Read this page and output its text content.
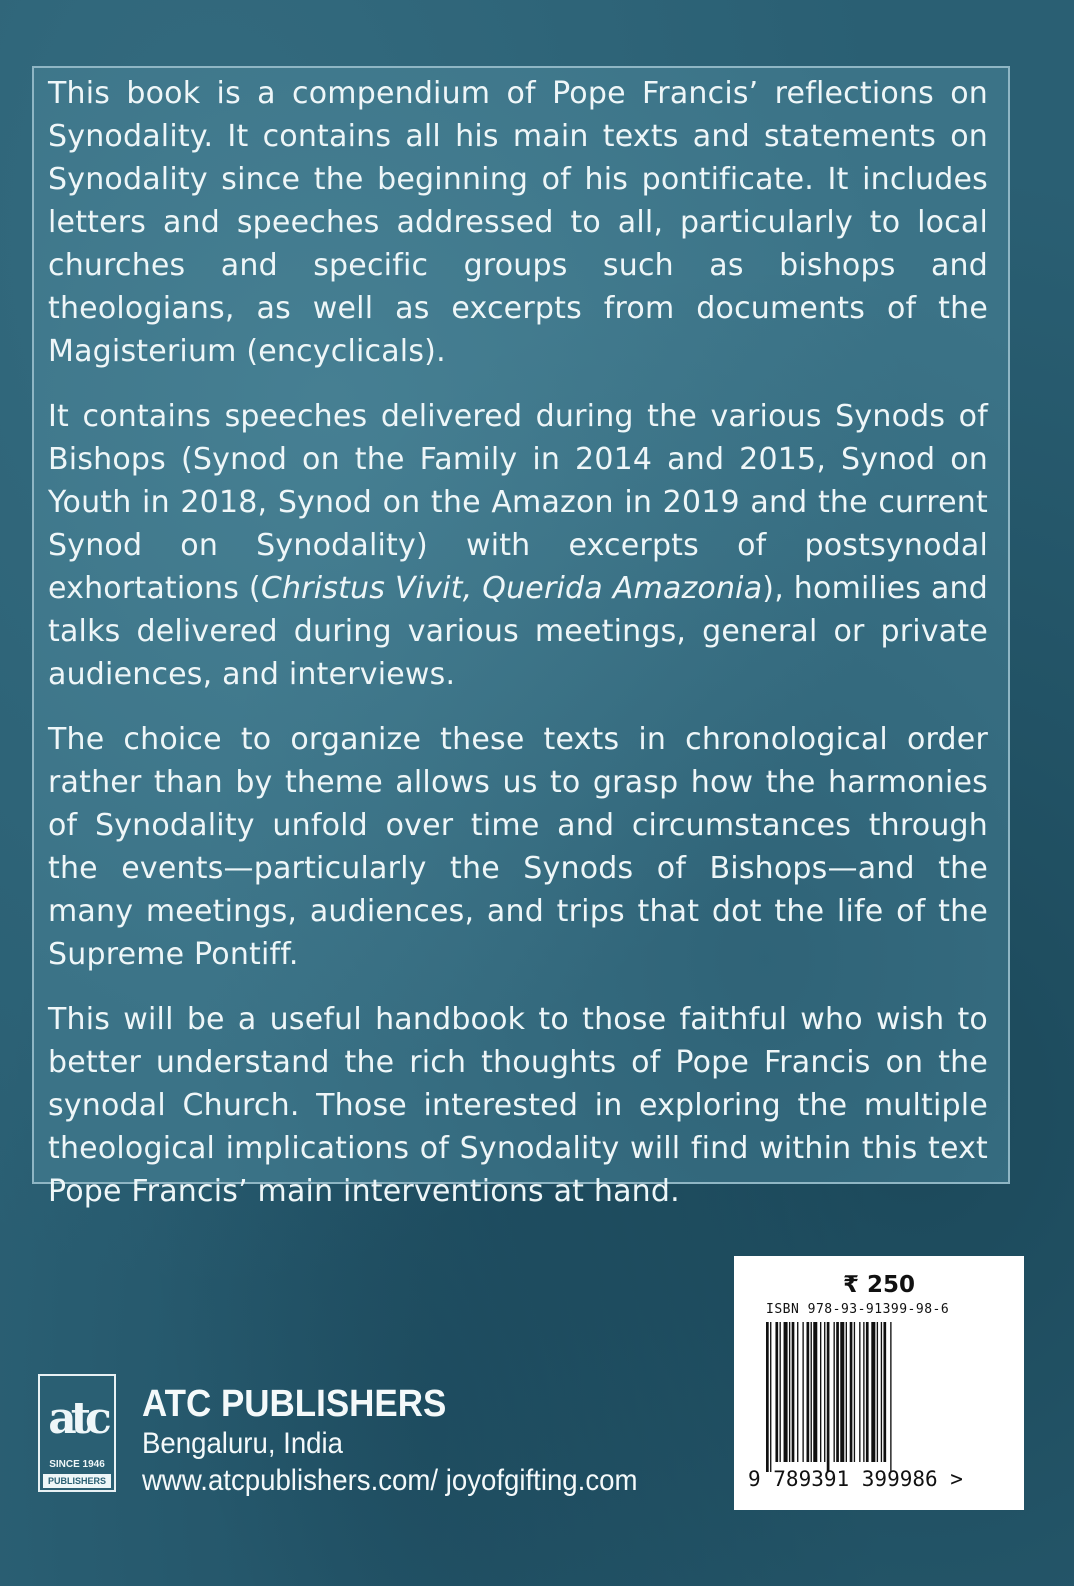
This book is a compendium of Pope Francis’ reflections on Synodality. It contains all his main texts and statements on Synodality since the beginning of his pontificate. It includes letters and speeches addressed to all, particularly to local churches and specific groups such as bishops and theologians, as well as excerpts from documents of the Magisterium (encyclicals).

It contains speeches delivered during the various Synods of Bishops (Synod on the Family in 2014 and 2015, Synod on Youth in 2018, Synod on the Amazon in 2019 and the current Synod on Synodality) with excerpts of postsynodal exhortations (Christus Vivit, Querida Amazonia), homilies and talks delivered during various meetings, general or private audiences, and interviews.

The choice to organize these texts in chronological order rather than by theme allows us to grasp how the harmonies of Synodality unfold over time and circumstances through the events—particularly the Synods of Bishops—and the many meetings, audiences, and trips that dot the life of the Supreme Pontiff.

This will be a useful handbook to those faithful who wish to better understand the rich thoughts of Pope Francis on the synodal Church. Those interested in exploring the multiple theological implications of Synodality will find within this text Pope Francis’ main interventions at hand.

atc
SINCE 1946
PUBLISHERS
ATC PUBLISHERS
Bengaluru, India
www.atcpublishers.com/ joyofgifting.com
₹ 250
ISBN 978-93-91399-98-6
9 789391 399986 >
